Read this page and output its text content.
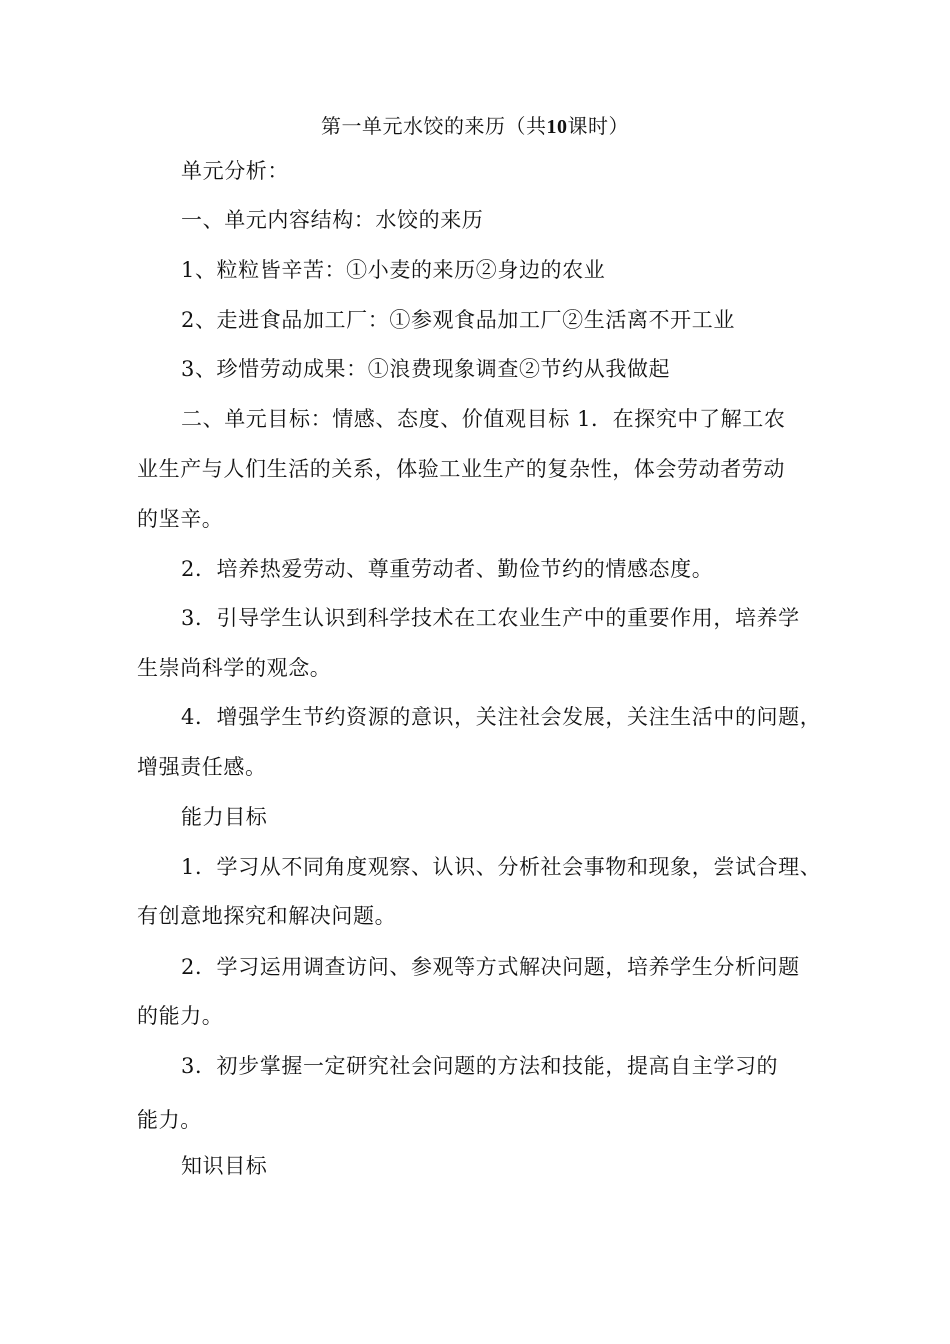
第一单元水饺的来历（共10课时）
单元分析：
一、单元内容结构：水饺的来历
1、粒粒皆辛苦：①小麦的来历②身边的农业
2、走进食品加工厂：①参观食品加工厂②生活离不开工业
3、珍惜劳动成果：①浪费现象调查②节约从我做起
二、单元目标：情感、态度、价值观目标 1．在探究中了解工农
业生产与人们生活的关系，体验工业生产的复杂性，体会劳动者劳动
的坚辛。
2．培养热爱劳动、尊重劳动者、勤俭节约的情感态度。
3．引导学生认识到科学技术在工农业生产中的重要作用，培养学
生崇尚科学的观念。
4．增强学生节约资源的意识，关注社会发展，关注生活中的问题，
增强责任感。
能力目标
1．学习从不同角度观察、认识、分析社会事物和现象，尝试合理、
有创意地探究和解决问题。
2．学习运用调查访问、参观等方式解决问题，培养学生分析问题
的能力。
3．初步掌握一定研究社会问题的方法和技能，提高自主学习的
能力。
知识目标
